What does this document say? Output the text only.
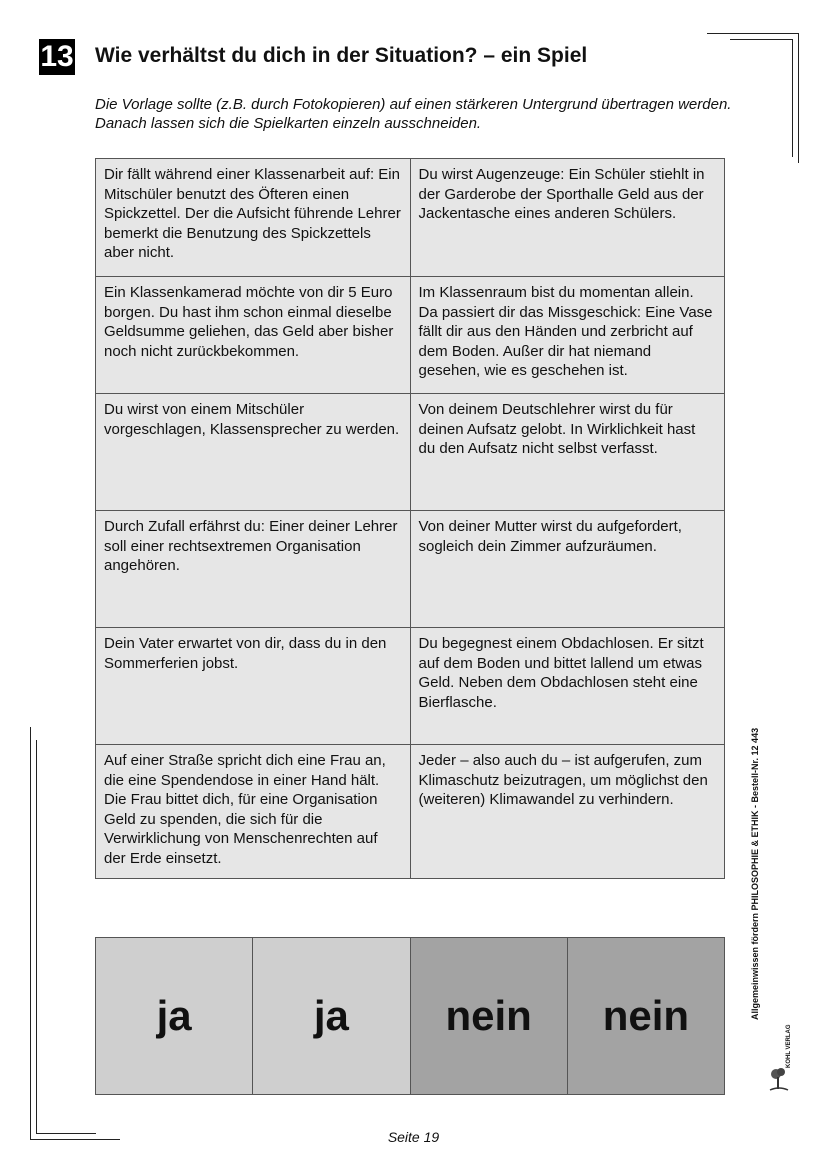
13 Wie verhältst du dich in der Situation? – ein Spiel
Die Vorlage sollte (z.B. durch Fotokopieren) auf einen stärkeren Untergrund übertragen werden. Danach lassen sich die Spielkarten einzeln ausschneiden.
Dir fällt während einer Klassenarbeit auf: Ein Mitschüler benutzt des Öfteren einen Spickzettel. Der die Aufsicht führende Lehrer bemerkt die Benutzung des Spickzettels aber nicht.	Du wirst Augenzeuge: Ein Schüler stiehlt in der Garderobe der Sporthalle Geld aus der Jackentasche eines anderen Schülers.
Ein Klassenkamerad möchte von dir 5 Euro borgen. Du hast ihm schon einmal dieselbe Geldsumme geliehen, das Geld aber bisher noch nicht zurückbekommen.	Im Klassenraum bist du momentan allein. Da passiert dir das Missgeschick: Eine Vase fällt dir aus den Händen und zerbricht auf dem Boden. Außer dir hat niemand gesehen, wie es geschehen ist.
Du wirst von einem Mitschüler vorgeschlagen, Klassensprecher zu werden.	Von deinem Deutschlehrer wirst du für deinen Aufsatz gelobt. In Wirklichkeit hast du den Aufsatz nicht selbst verfasst.
Durch Zufall erfährst du: Einer deiner Lehrer soll einer rechtsextremen Organisation angehören.	Von deiner Mutter wirst du aufgefordert, sogleich dein Zimmer aufzuräumen.
Dein Vater erwartet von dir, dass du in den Sommerferien jobst.	Du begegnest einem Obdachlosen. Er sitzt auf dem Boden und bittet lallend um etwas Geld. Neben dem Obdachlosen steht eine Bierflasche.
Auf einer Straße spricht dich eine Frau an, die eine Spendendose in einer Hand hält. Die Frau bittet dich, für eine Organisation Geld zu spenden, die sich für die Verwirklichung von Menschenrechten auf der Erde einsetzt.	Jeder – also auch du – ist aufgerufen, zum Klimaschutz beizutragen, um möglichst den (weiteren) Klimawandel zu verhindern.
ja	ja	nein	nein	Allgemeinwissen fördern PHILOSOPHIE & ETHIK - Bestell-Nr. 12 443
KOHL VERLAG
Seite 19
